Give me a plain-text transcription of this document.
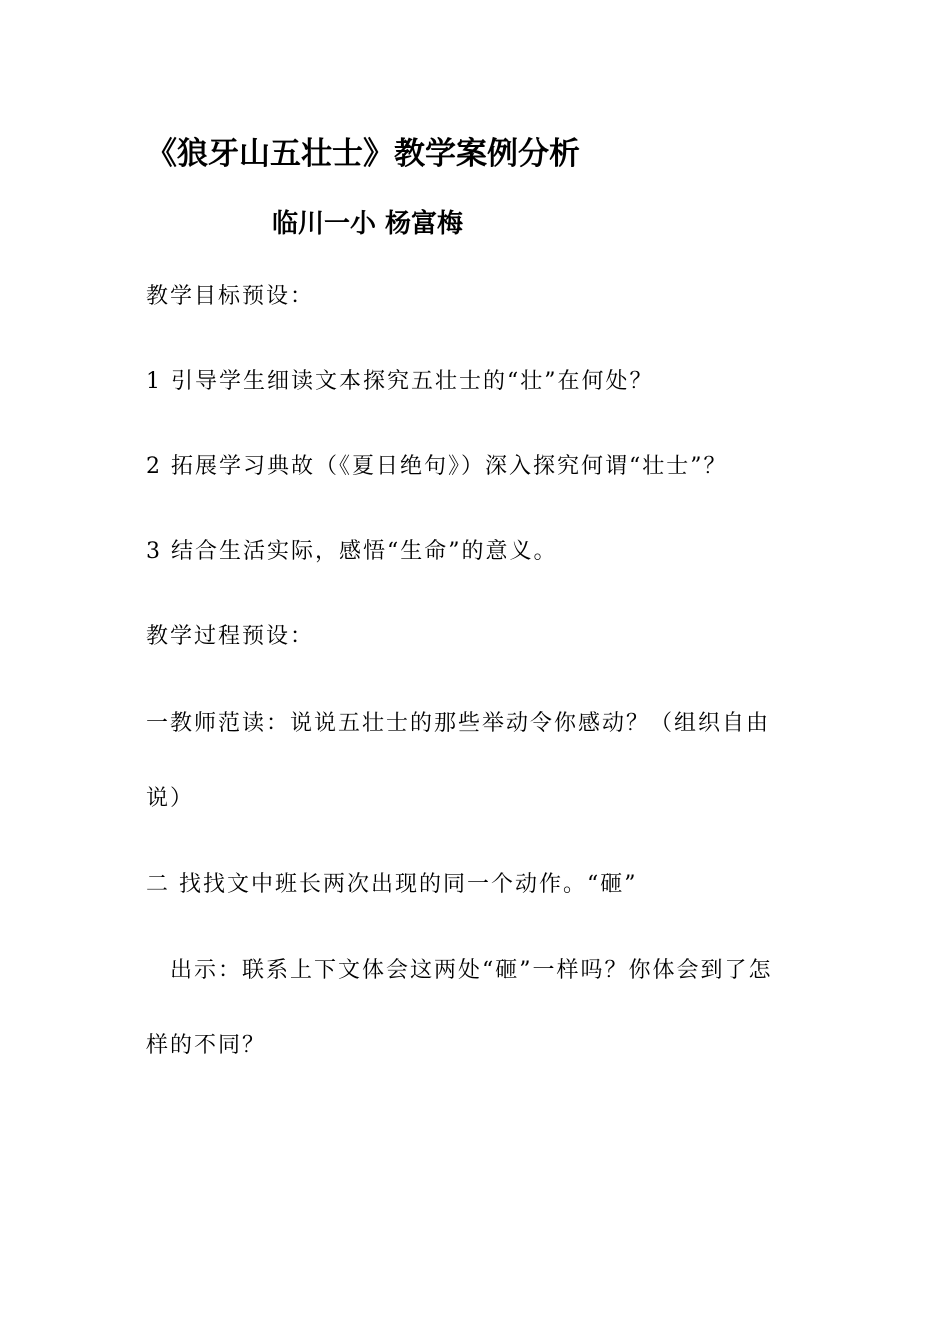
《狼牙山五壮士》教学案例分析
临川一小 杨富梅
教学目标预设：
1 引导学生细读文本探究五壮士的“壮”在何处？
2 拓展学习典故（《夏日绝句》）深入探究何谓“壮士”？
3 结合生活实际，感悟“生命”的意义。
教学过程预设：
一教师范读：说说五壮士的那些举动令你感动？（组织自由
说）
二 找找文中班长两次出现的同一个动作。“砸”
出示：联系上下文体会这两处“砸”一样吗？你体会到了怎
样的不同？
